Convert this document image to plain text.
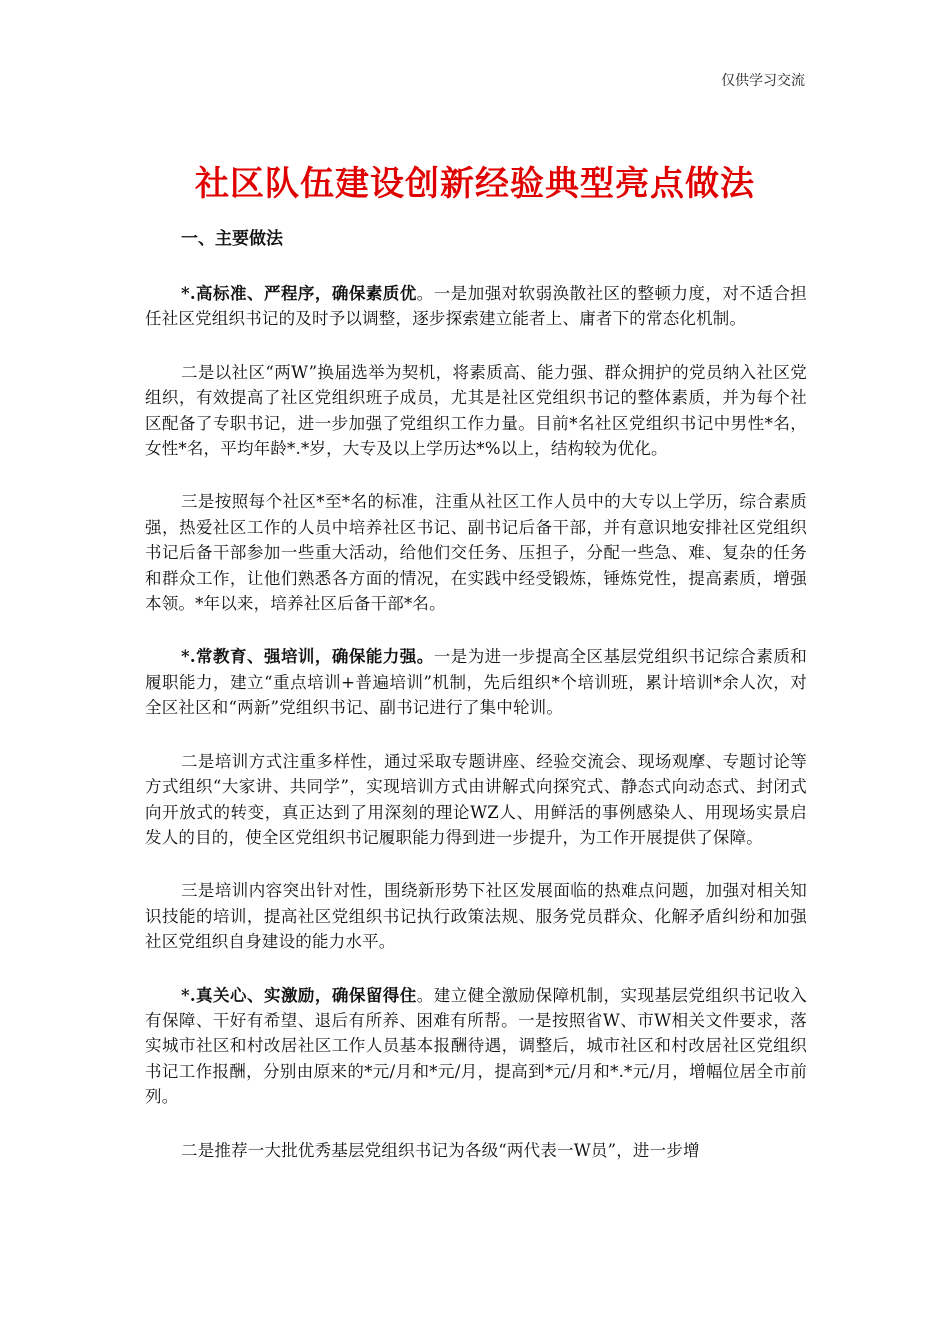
仅供学习交流
社区队伍建设创新经验典型亮点做法
一、主要做法

*.高标准、严程序，确保素质优。一是加强对软弱涣散社区的整顿力度，对不适合担任社区党组织书记的及时予以调整，逐步探索建立能者上、庸者下的常态化机制。

二是以社区“两W”换届选举为契机，将素质高、能力强、群众拥护的党员纳入社区党组织，有效提高了社区党组织班子成员，尤其是社区党组织书记的整体素质，并为每个社区配备了专职书记，进一步加强了党组织工作力量。目前*名社区党组织书记中男性*名，女性*名，平均年龄*.*岁，大专及以上学历达*%以上，结构较为优化。

三是按照每个社区*至*名的标准，注重从社区工作人员中的大专以上学历，综合素质强，热爱社区工作的人员中培养社区书记、副书记后备干部，并有意识地安排社区党组织书记后备干部参加一些重大活动，给他们交任务、压担子，分配一些急、难、复杂的任务和群众工作，让他们熟悉各方面的情况，在实践中经受锻炼，锤炼党性，提高素质，增强本领。*年以来，培养社区后备干部*名。

*.常教育、强培训，确保能力强。一是为进一步提高全区基层党组织书记综合素质和履职能力，建立“重点培训+普遍培训”机制，先后组织*个培训班，累计培训*余人次，对全区社区和“两新”党组织书记、副书记进行了集中轮训。

二是培训方式注重多样性，通过采取专题讲座、经验交流会、现场观摩、专题讨论等方式组织“大家讲、共同学”，实现培训方式由讲解式向探究式、静态式向动态式、封闭式向开放式的转变，真正达到了用深刻的理论WZ人、用鲜活的事例感染人、用现场实景启发人的目的，使全区党组织书记履职能力得到进一步提升，为工作开展提供了保障。

三是培训内容突出针对性，围绕新形势下社区发展面临的热难点问题，加强对相关知识技能的培训，提高社区党组织书记执行政策法规、服务党员群众、化解矛盾纠纷和加强社区党组织自身建设的能力水平。

*.真关心、实激励，确保留得住。建立健全激励保障机制，实现基层党组织书记收入有保障、干好有希望、退后有所养、困难有所帮。一是按照省W、市W相关文件要求，落实城市社区和村改居社区工作人员基本报酬待遇，调整后，城市社区和村改居社区党组织书记工作报酬，分别由原来的*元/月和*元/月，提高到*元/月和*.*元/月，增幅位居全市前列。

二是推荐一大批优秀基层党组织书记为各级“两代表一W员”，进一步增
